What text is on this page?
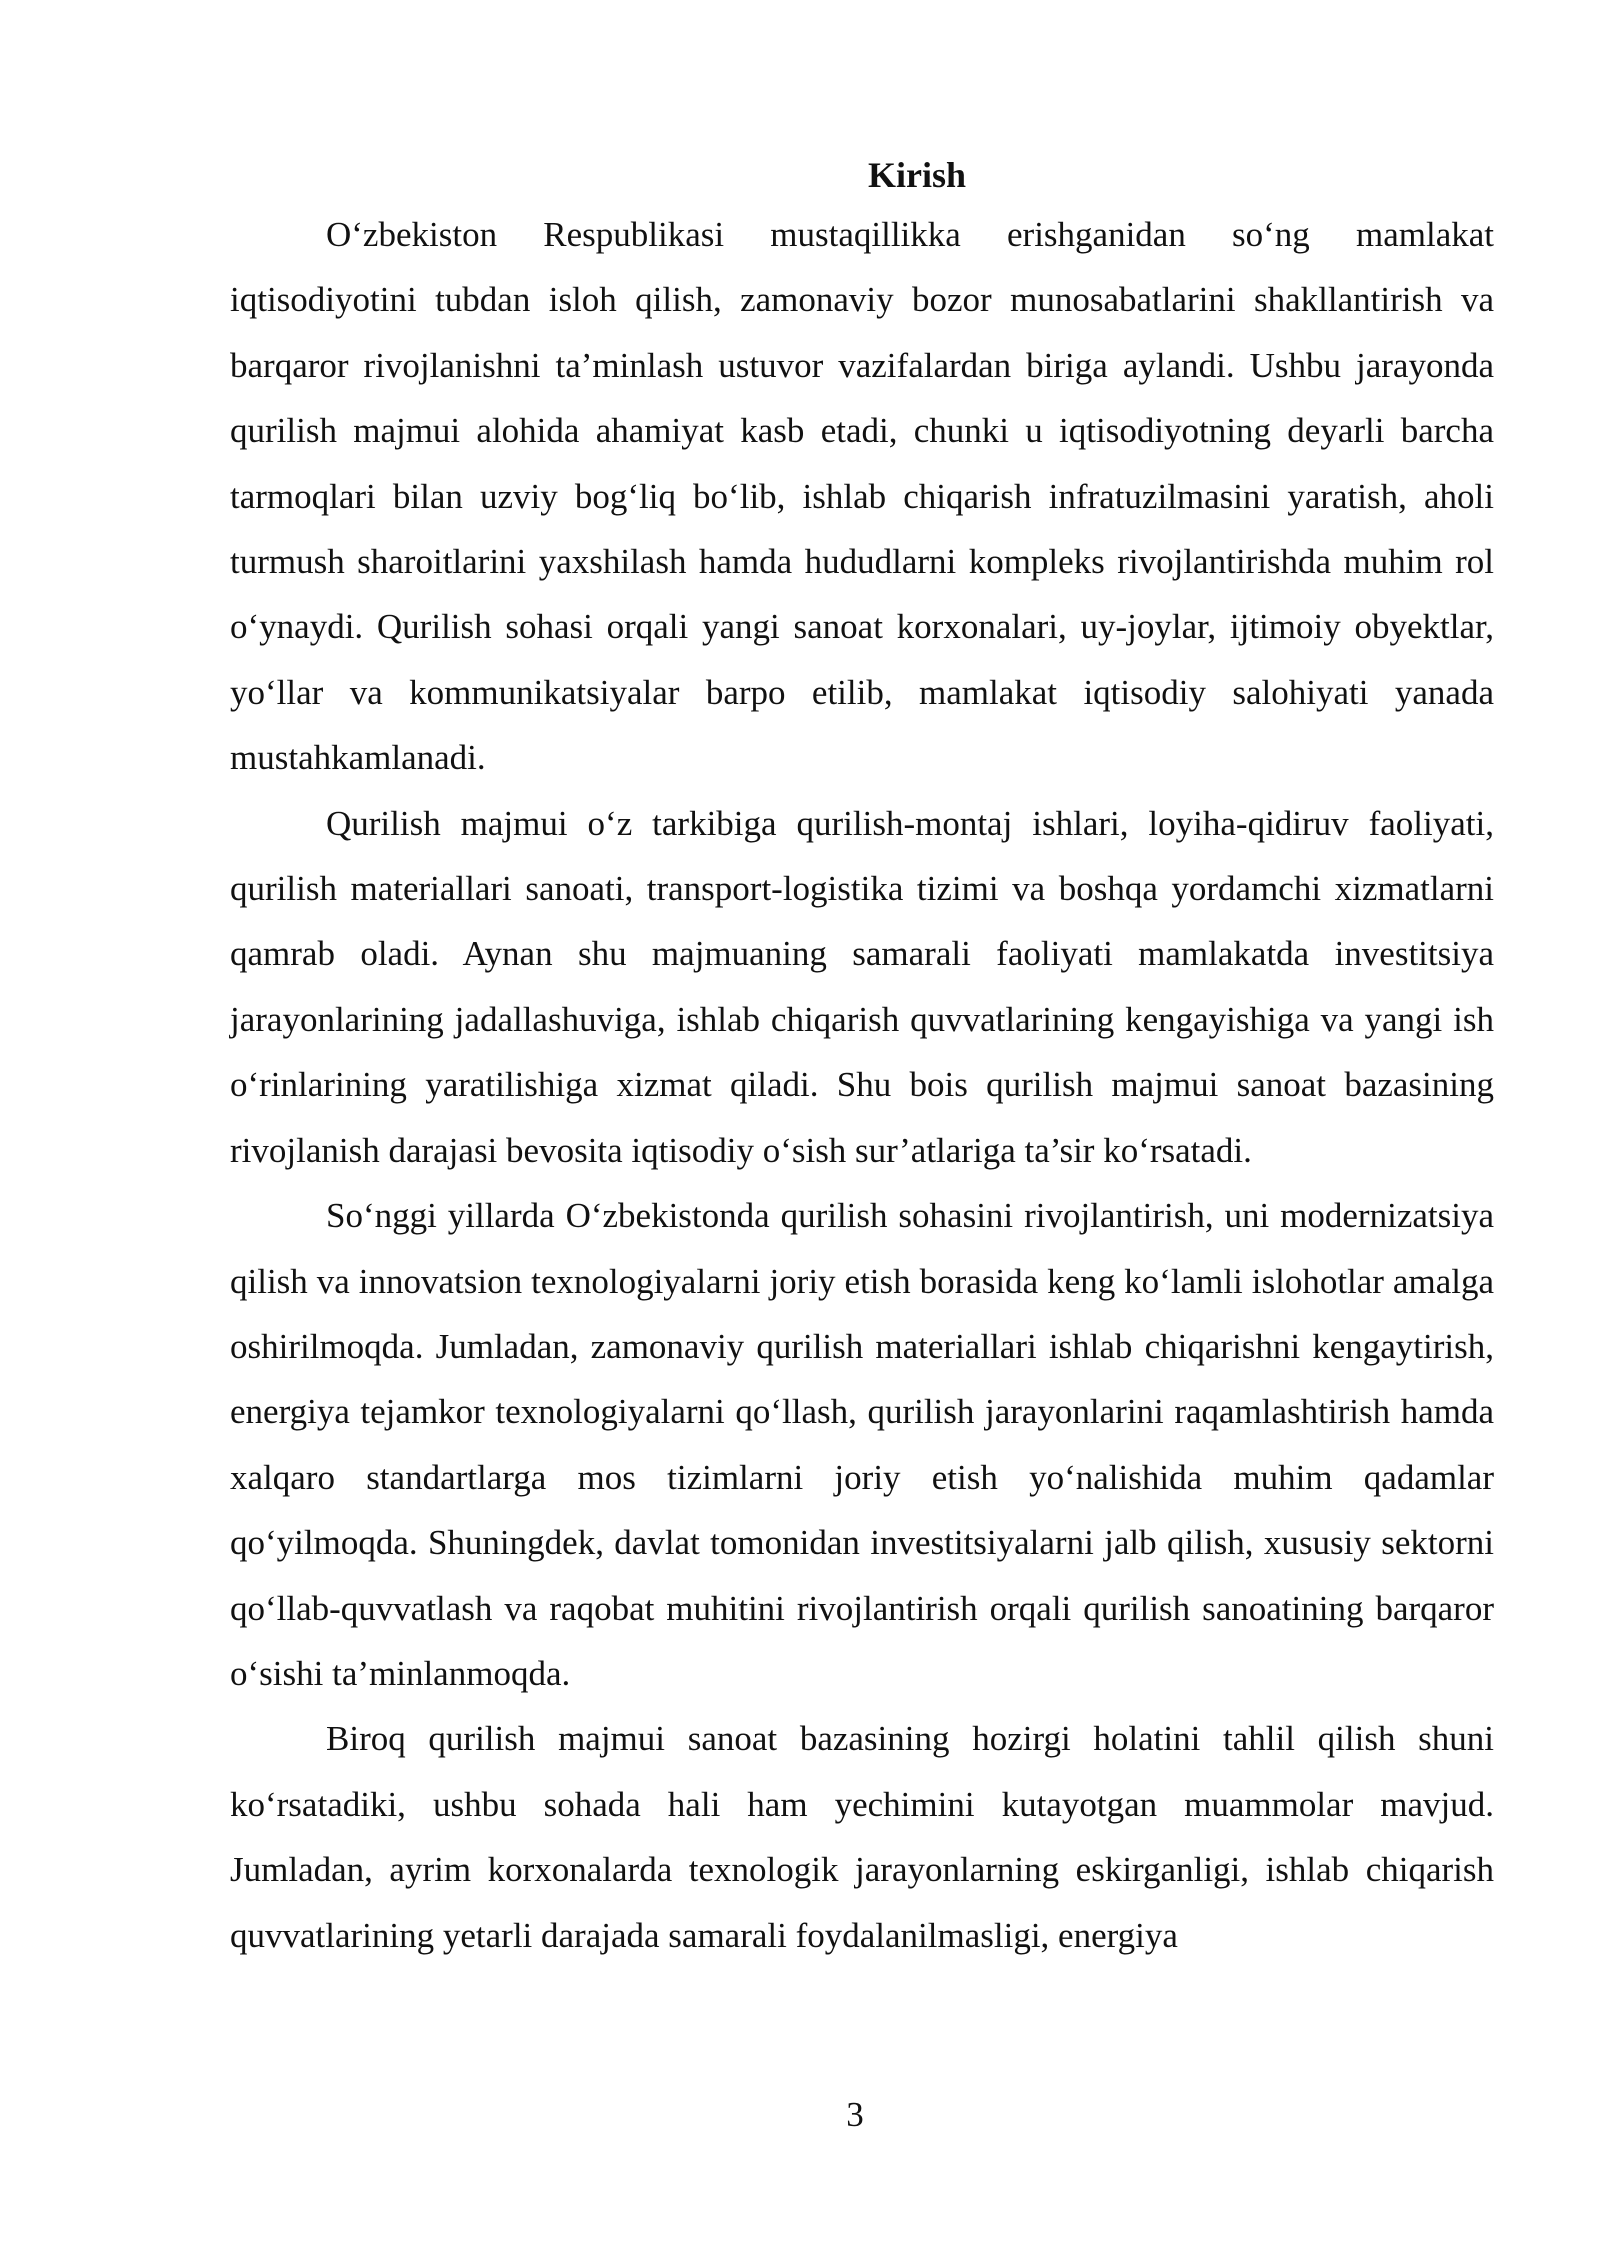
Kirish

O‘zbekiston Respublikasi mustaqillikka erishganidan so‘ng mamlakat iqtisodiyotini tubdan isloh qilish, zamonaviy bozor munosabatlarini shakllantirish va barqaror rivojlanishni ta’minlash ustuvor vazifalardan biriga aylandi. Ushbu jarayonda qurilish majmui alohida ahamiyat kasb etadi, chunki u iqtisodiyotning deyarli barcha tarmoqlari bilan uzviy bog‘liq bo‘lib, ishlab chiqarish infratuzilmasini yaratish, aholi turmush sharoitlarini yaxshilash hamda hududlarni kompleks rivojlantirishda muhim rol o‘ynaydi. Qurilish sohasi orqali yangi sanoat korxonalari, uy-joylar, ijtimoiy obyektlar, yo‘llar va kommunikatsiyalar barpo etilib, mamlakat iqtisodiy salohiyati yanada mustahkamlanadi.

Qurilish majmui o‘z tarkibiga qurilish-montaj ishlari, loyiha-qidiruv faoliyati, qurilish materiallari sanoati, transport-logistika tizimi va boshqa yordamchi xizmatlarni qamrab oladi. Aynan shu majmuaning samarali faoliyati mamlakatda investitsiya jarayonlarining jadallashuviga, ishlab chiqarish quvvatlarining kengayishiga va yangi ish o‘rinlarining yaratilishiga xizmat qiladi. Shu bois qurilish majmui sanoat bazasining rivojlanish darajasi bevosita iqtisodiy o‘sish sur’atlariga ta’sir ko‘rsatadi.

So‘nggi yillarda O‘zbekistonda qurilish sohasini rivojlantirish, uni modernizatsiya qilish va innovatsion texnologiyalarni joriy etish borasida keng ko‘lamli islohotlar amalga oshirilmoqda. Jumladan, zamonaviy qurilish materiallari ishlab chiqarishni kengaytirish, energiya tejamkor texnologiyalarni qo‘llash, qurilish jarayonlarini raqamlashtirish hamda xalqaro standartlarga mos tizimlarni joriy etish yo‘nalishida muhim qadamlar qo‘yilmoqda. Shuningdek, davlat tomonidan investitsiyalarni jalb qilish, xususiy sektorni qo‘llab-quvvatlash va raqobat muhitini rivojlantirish orqali qurilish sanoatining barqaror o‘sishi ta’minlanmoqda.

Biroq qurilish majmui sanoat bazasining hozirgi holatini tahlil qilish shuni ko‘rsatadiki, ushbu sohada hali ham yechimini kutayotgan muammolar mavjud. Jumladan, ayrim korxonalarda texnologik jarayonlarning eskirganligi, ishlab chiqarish quvvatlarining yetarli darajada samarali foydalanilmasligi, energiya

3
